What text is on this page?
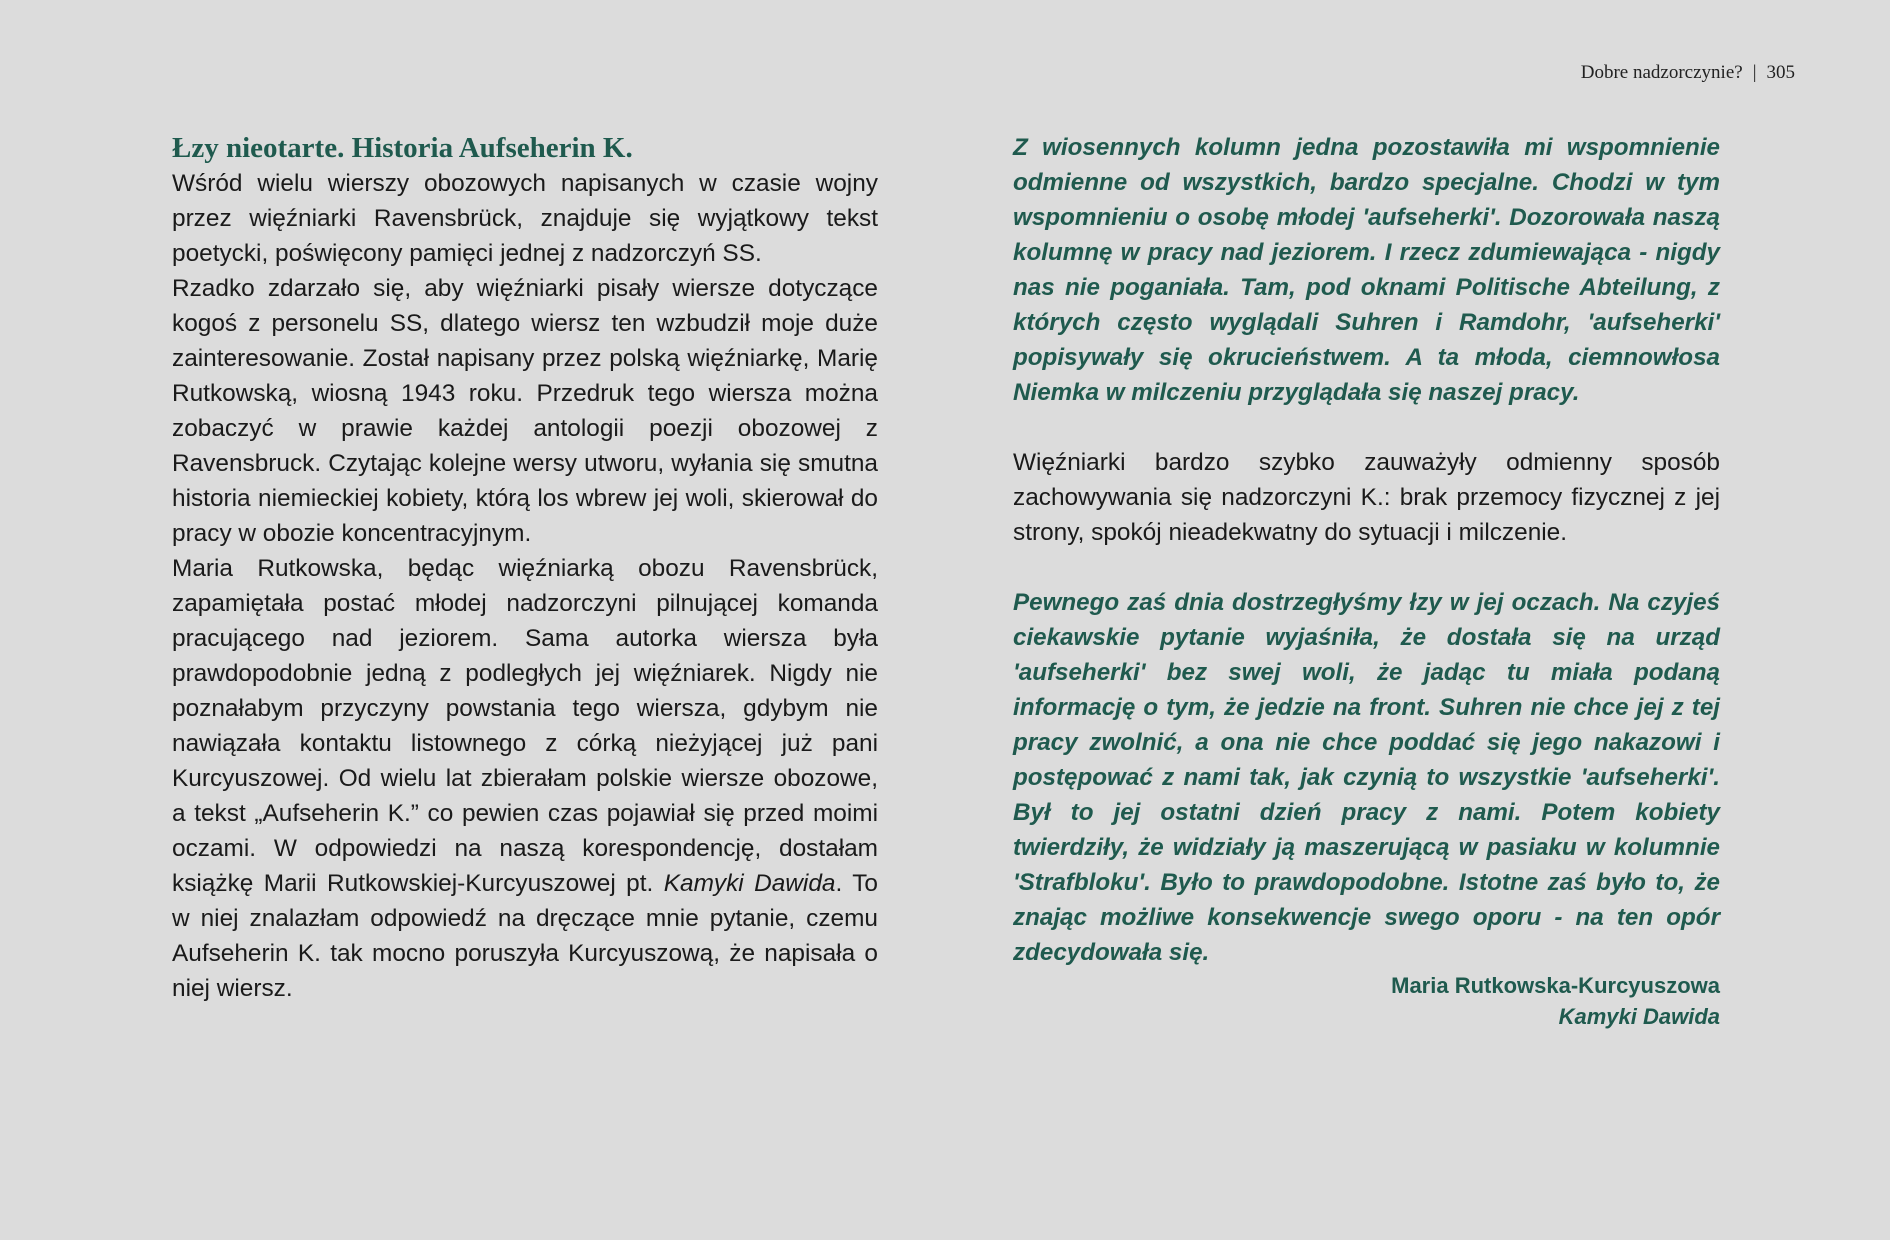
Dobre nadzorczynie? | 305
Łzy nieotarte. Historia Aufseherin K.

Wśród wielu wierszy obozowych napisanych w czasie wojny przez więźniarki Ravensbrück, znajduje się wyjątkowy tekst poetycki, poświęcony pamięci jednej z nadzorczyń SS.

Rzadko zdarzało się, aby więźniarki pisały wiersze dotyczące kogoś z personelu SS, dlatego wiersz ten wzbudził moje duże zainteresowanie. Został napisany przez polską więźniarkę, Marię Rutkowską, wiosną 1943 roku. Przedruk tego wiersza można zobaczyć w prawie każdej antologii poezji obozowej z Ravensbruck. Czytając kolejne wersy utworu, wyłania się smutna historia niemieckiej kobiety, którą los wbrew jej woli, skierował do pracy w obozie koncentracyjnym.

Maria Rutkowska, będąc więźniarką obozu Ravensbrück, zapamiętała postać młodej nadzorczyni pilnującej komanda pracującego nad jeziorem. Sama autorka wiersza była prawdopodobnie jedną z podległych jej więźniarek. Nigdy nie poznałabym przyczyny powstania tego wiersza, gdybym nie nawiązała kontaktu listownego z córką nieżyjącej już pani Kurcyuszowej. Od wielu lat zbierałam polskie wiersze obozowe, a tekst „Aufseherin K.” co pewien czas pojawiał się przed moimi oczami. W odpowiedzi na naszą korespondencję, dostałam książkę Marii Rutkowskiej-Kurcyuszowej pt. Kamyki Dawida. To w niej znalazłam odpowiedź na dręczące mnie pytanie, czemu Aufseherin K. tak mocno poruszyła Kurcyuszową, że napisała o niej wiersz.

Z wiosennych kolumn jedna pozostawiła mi wspomnienie odmienne od wszystkich, bardzo specjalne. Chodzi w tym wspomnieniu o osobę młodej 'aufseherki'. Dozorowała naszą kolumnę w pracy nad jeziorem. I rzecz zdumiewająca - nigdy nas nie poganiała. Tam, pod oknami Politische Abteilung, z których często wyglądali Suhren i Ramdohr, 'aufseherki' popisywały się okrucieństwem. A ta młoda, ciemnowłosa Niemka w milczeniu przyglądała się naszej pracy.

Więźniarki bardzo szybko zauważyły odmienny sposób zachowywania się nadzorczyni K.: brak przemocy fizycznej z jej strony, spokój nieadekwatny do sytuacji i milczenie.

Pewnego zaś dnia dostrzegłyśmy łzy w jej oczach. Na czyjeś ciekawskie pytanie wyjaśniła, że dostała się na urząd 'aufseherki' bez swej woli, że jadąc tu miała podaną informację o tym, że jedzie na front. Suhren nie chce jej z tej pracy zwolnić, a ona nie chce poddać się jego nakazowi i postępować z nami tak, jak czynią to wszystkie 'aufseherki'. Był to jej ostatni dzień pracy z nami. Potem kobiety twierdziły, że widziały ją maszerującą w pasiaku w kolumnie 'Strafbloku'. Było to prawdopodobne. Istotne zaś było to, że znając możliwe konsekwencje swego oporu - na ten opór zdecydowała się.

Maria Rutkowska-Kurcyuszowa
Kamyki Dawida
